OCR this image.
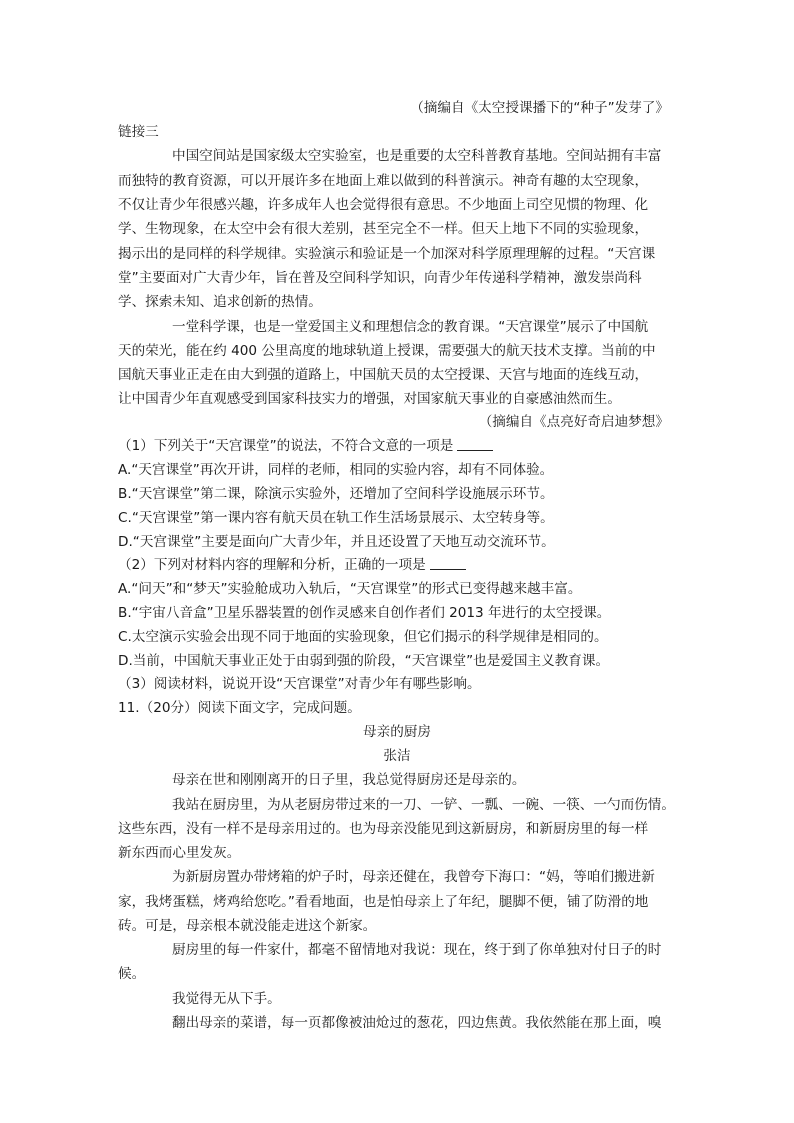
（摘编自《太空授课播下的“种子”发芽了》
链接三
中国空间站是国家级太空实验室，也是重要的太空科普教育基地。空间站拥有丰富
而独特的教育资源，可以开展许多在地面上难以做到的科普演示。神奇有趣的太空现象，
不仅让青少年很感兴趣，许多成年人也会觉得很有意思。不少地面上司空见惯的物理、化
学、生物现象，在太空中会有很大差别，甚至完全不一样。但天上地下不同的实验现象，
揭示出的是同样的科学规律。实验演示和验证是一个加深对科学原理理解的过程。“天宫课
堂”主要面对广大青少年，旨在普及空间科学知识，向青少年传递科学精神，激发崇尚科
学、探索未知、追求创新的热情。
一堂科学课，也是一堂爱国主义和理想信念的教育课。“天宫课堂”展示了中国航
天的荣光，能在约 400 公里高度的地球轨道上授课，需要强大的航天技术支撑。当前的中
国航天事业正走在由大到强的道路上，中国航天员的太空授课、天宫与地面的连线互动，
让中国青少年直观感受到国家科技实力的增强，对国家航天事业的自豪感油然而生。
（摘编自《点亮好奇启迪梦想》
（1）下列关于“天宫课堂”的说法，不符合文意的一项是
A.“天宫课堂”再次开讲，同样的老师，相同的实验内容，却有不同体验。
B.“天宫课堂”第二课，除演示实验外，还增加了空间科学设施展示环节。
C.“天宫课堂”第一课内容有航天员在轨工作生活场景展示、太空转身等。
D.“天宫课堂”主要是面向广大青少年，并且还设置了天地互动交流环节。
（2）下列对材料内容的理解和分析，正确的一项是
A.“问天”和“梦天”实验舱成功入轨后，“天宫课堂”的形式已变得越来越丰富。
B.“宇宙八音盒”卫星乐器装置的创作灵感来自创作者们 2013 年进行的太空授课。
C.太空演示实验会出现不同于地面的实验现象，但它们揭示的科学规律是相同的。
D.当前，中国航天事业正处于由弱到强的阶段，“天宫课堂”也是爱国主义教育课。
（3）阅读材料，说说开设“天宫课堂”对青少年有哪些影响。
11.（20分）阅读下面文字，完成问题。
母亲的厨房
张洁
母亲在世和刚刚离开的日子里，我总觉得厨房还是母亲的。
我站在厨房里，为从老厨房带过来的一刀、一铲、一瓢、一碗、一筷、一勺而伤情。
这些东西，没有一样不是母亲用过的。也为母亲没能见到这新厨房，和新厨房里的每一样
新东西而心里发灰。
为新厨房置办带烤箱的炉子时，母亲还健在，我曾夸下海口：“妈，等咱们搬进新
家，我烤蛋糕，烤鸡给您吃。”看看地面，也是怕母亲上了年纪，腿脚不便，铺了防滑的地
砖。可是，母亲根本就没能走进这个新家。
厨房里的每一件家什，都毫不留情地对我说：现在，终于到了你单独对付日子的时
候。
我觉得无从下手。
翻出母亲的菜谱，每一页都像被油炝过的葱花，四边焦黄。我依然能在那上面，嗅
